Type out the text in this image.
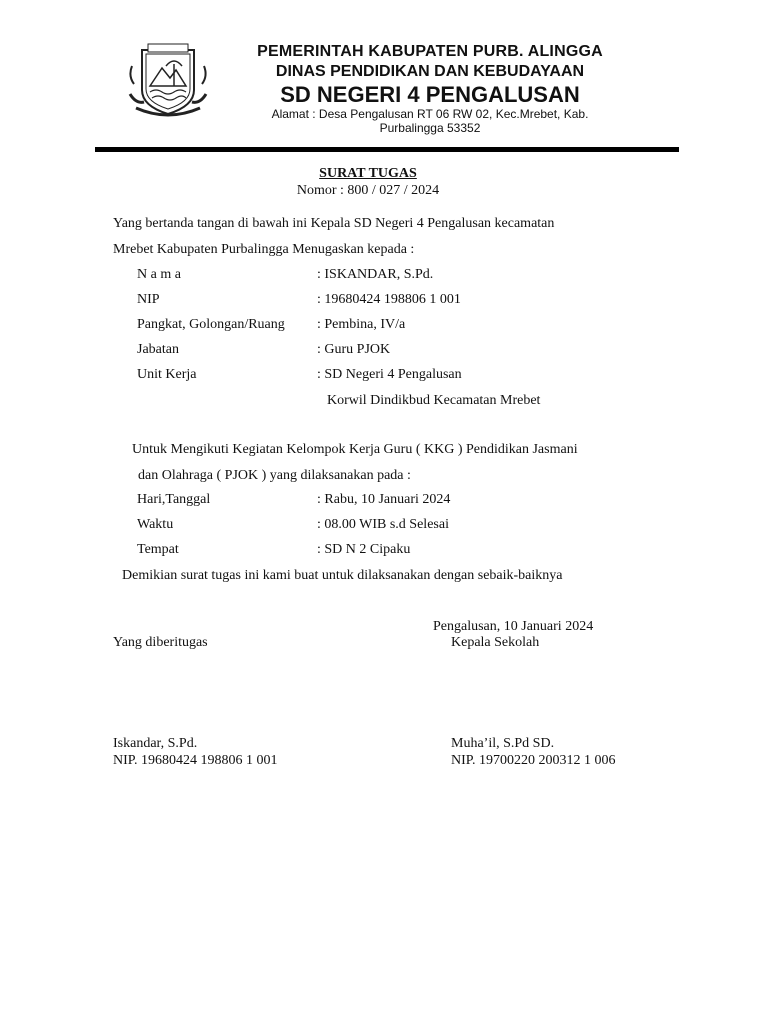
PEMERINTAH KABUPATEN PURB. ALINGGA
DINAS PENDIDIKAN DAN KEBUDAYAAN
SD NEGERI 4 PENGALUSAN
Alamat : Desa Pengalusan RT 06 RW 02, Kec.Mrebet, Kab.
Purbalingga 53352
SURAT TUGAS
Nomor : 800 / 027 / 2024
Yang bertanda tangan di bawah ini Kepala SD Negeri 4 Pengalusan kecamatan
Mrebet Kabupaten Purbalingga Menugaskan kepada :
N a m a	: ISKANDAR, S.Pd.
NIP	: 19680424 198806 1 001
Pangkat, Golongan/Ruang : Pembina, IV/a
Jabatan	: Guru PJOK
Unit Kerja	: SD Negeri 4 Pengalusan
Korwil Dindikbud Kecamatan Mrebet
Untuk Mengikuti Kegiatan Kelompok Kerja Guru ( KKG ) Pendidikan Jasmani
dan Olahraga ( PJOK ) yang dilaksanakan pada :
Hari,Tanggal	: Rabu, 10 Januari 2024
Waktu	: 08.00 WIB s.d Selesai
Tempat	: SD N 2 Cipaku
Demikian surat tugas ini kami buat untuk dilaksanakan dengan sebaik-baiknya
Pengalusan, 10 Januari 2024
Yang diberitugas	Kepala Sekolah
Iskandar, S.Pd.	Muha’il, S.Pd SD.
NIP. 19680424 198806 1 001	NIP. 19700220 200312 1 006
